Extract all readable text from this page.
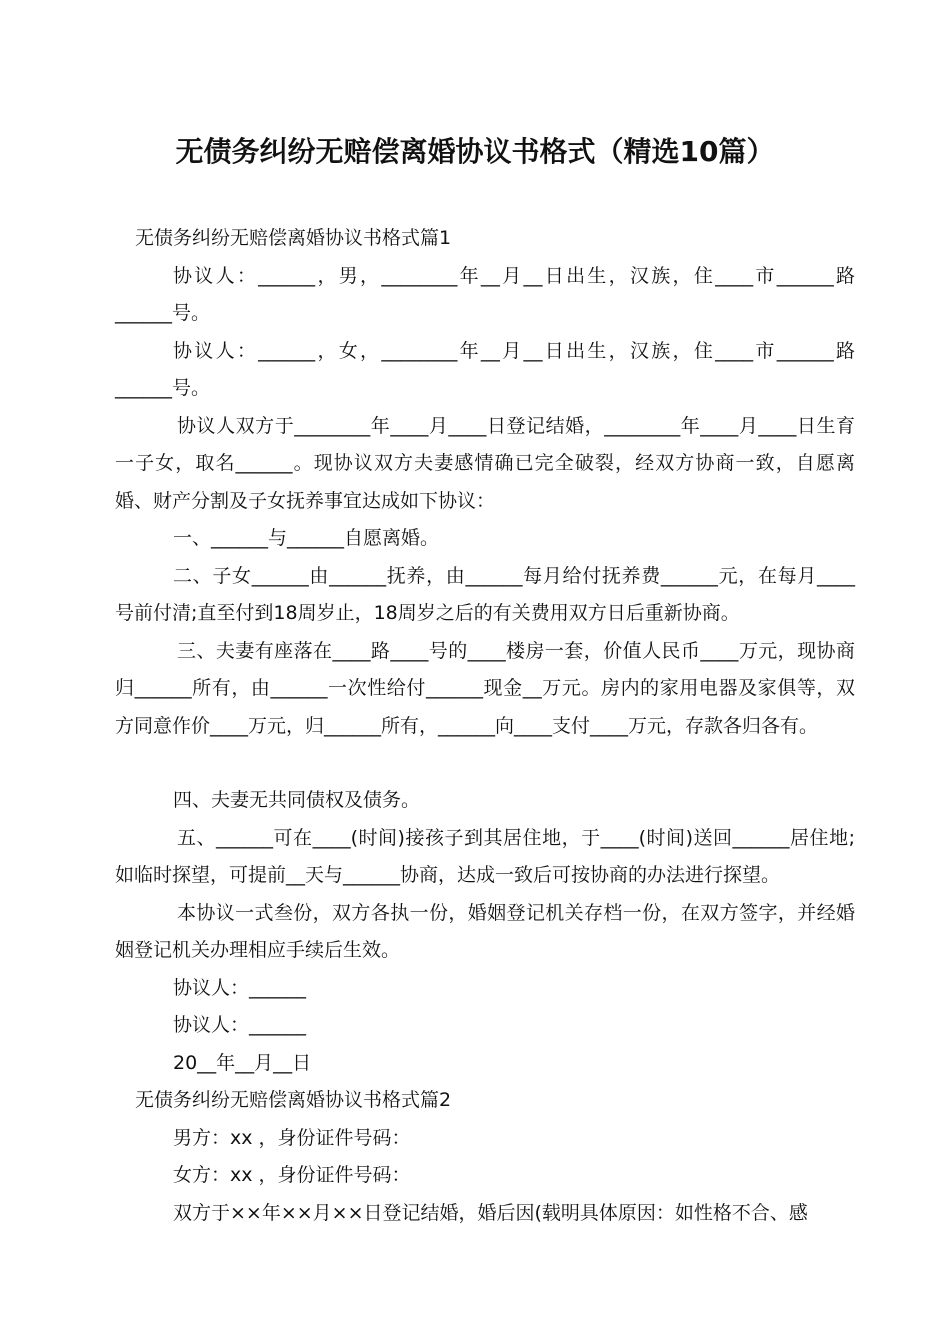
无债务纠纷无赔偿离婚协议书格式（精选10篇）

无债务纠纷无赔偿离婚协议书格式篇1

协议人：______，男，________年__月__日出生，汉族，住____市______路______号。

协议人：______，女，________年__月__日出生，汉族，住____市______路______号。

协议人双方于________年____月____日登记结婚，________年____月____日生育一子女，取名______。现协议双方夫妻感情确已完全破裂，经双方协商一致，自愿离婚、财产分割及子女抚养事宜达成如下协议：

一、______与______自愿离婚。

二、子女______由______抚养，由______每月给付抚养费______元，在每月____号前付清;直至付到18周岁止，18周岁之后的有关费用双方日后重新协商。

三、夫妻有座落在____路____号的____楼房一套，价值人民币____万元，现协商归______所有，由______一次性给付______现金__万元。房内的家用电器及家俱等，双方同意作价____万元，归______所有，______向____支付____万元，存款各归各有。

四、夫妻无共同债权及债务。

五、______可在____(时间)接孩子到其居住地，于____(时间)送回______居住地;如临时探望，可提前__天与______协商，达成一致后可按协商的办法进行探望。

本协议一式叁份，双方各执一份，婚姻登记机关存档一份，在双方签字，并经婚姻登记机关办理相应手续后生效。

协议人：______

协议人：______

20__年__月__日

无债务纠纷无赔偿离婚协议书格式篇2

男方：xx ，身份证件号码：

女方：xx ，身份证件号码：

双方于××年××月××日登记结婚，婚后因(载明具体原因：如性格不合、感
